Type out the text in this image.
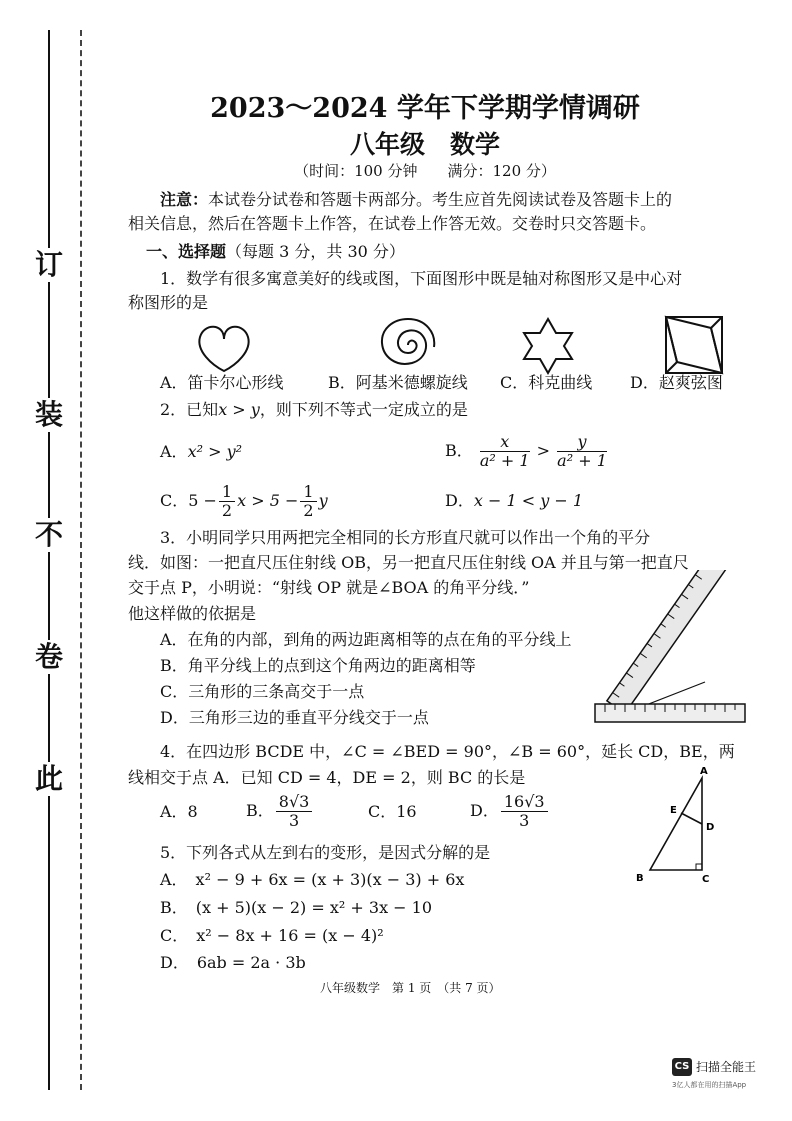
订
装
不
卷
此
2023～2024 学年下学期学情调研
八年级　数学
（时间：100 分钟　　满分：120 分）
注意：本试卷分试卷和答题卡两部分。考生应首先阅读试卷及答题卡上的
相关信息，然后在答题卡上作答，在试卷上作答无效。交卷时只交答题卡。
一、选择题（每题 3 分，共 30 分）
1．数学有很多寓意美好的线或图，下面图形中既是轴对称图形又是中心对
称图形的是
A．笛卡尔心形线	B．阿基米德螺旋线 C．科克曲线 D．赵爽弦图
2．已知x > y，则下列不等式一定成立的是
A．x² > y²	B． $\frac{x}{\text{a² + 1}} > \frac{y}{\text{a² + 1}}$
C．$5 - \frac{1}{2}$ $x > 5 - \frac{1}{2}$ y	D．x − 1 < y − 1
3．小明同学只用两把完全相同的长方形直尺就可以作出一个角的平分
线．如图：一把直尺压住射线 OB，另一把直尺压住射线 OA 并且与第一把直尺
交于点 P，小明说：“射线 OP 就是∠BOA 的角平分线．”
他这样做的依据是
A．在角的内部，到角的两边距离相等的点在角的平分线上
B．角平分线上的点到这个角两边的距离相等
C．三角形的三条高交于一点
D．三角形三边的垂直平分线交于一点
4．在四边形 BCDE 中，∠C = ∠BED = 90°，∠B = 60°，延长 CD，BE，两
线相交于点 A．已知 CD = 4，DE = 2，则 BC 的长是
A．8	B． $\frac{8√3}{3}$	C．16	D． $\frac{16√3}{3}$
A
E
D
B	C
5．下列各式从左到右的变形，是因式分解的是
A．　x² − 9 + 6x = (x + 3)(x − 3) + 6x
B．　(x + 5)(x − 2) = x² + 3x − 10
C．　x² − 8x + 16 = (x − 4)²
D．　6ab = 2a · 3b
八年级数学　第 1 页　（共 7 页）
CS 扫描全能王
3亿人都在用的扫描App
